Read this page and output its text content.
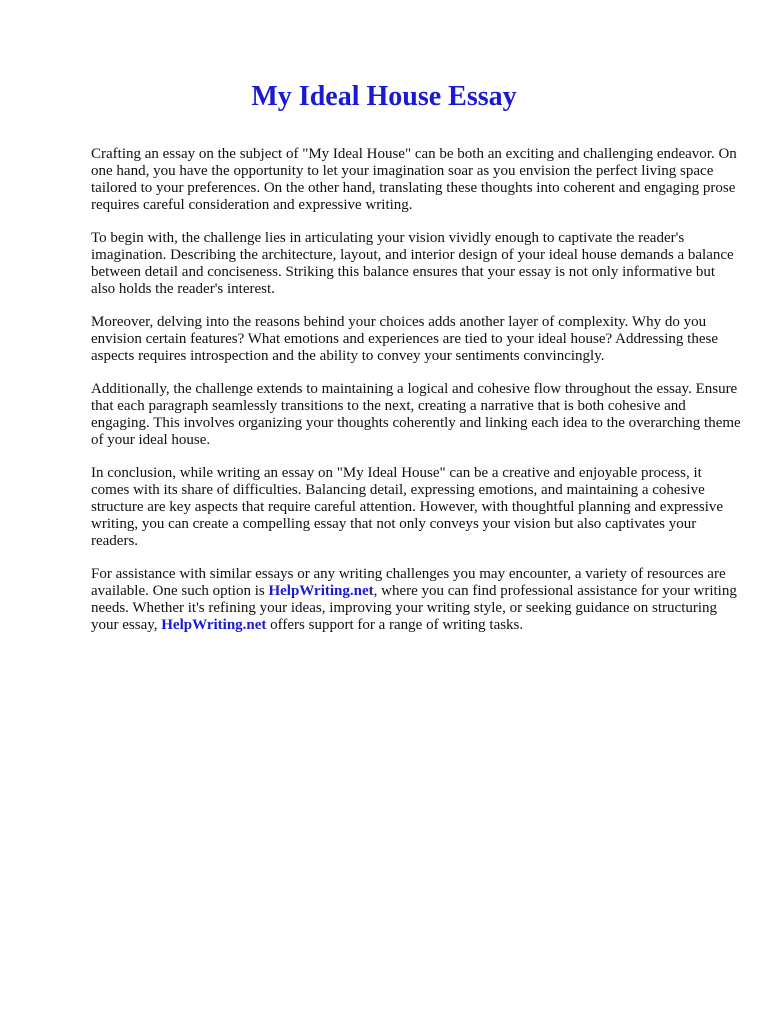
My Ideal House Essay

Crafting an essay on the subject of "My Ideal House" can be both an exciting and challenging endeavor. On one hand, you have the opportunity to let your imagination soar as you envision the perfect living space tailored to your preferences. On the other hand, translating these thoughts into coherent and engaging prose requires careful consideration and expressive writing.

To begin with, the challenge lies in articulating your vision vividly enough to captivate the reader's imagination. Describing the architecture, layout, and interior design of your ideal house demands a balance between detail and conciseness. Striking this balance ensures that your essay is not only informative but also holds the reader's interest.

Moreover, delving into the reasons behind your choices adds another layer of complexity. Why do you envision certain features? What emotions and experiences are tied to your ideal house? Addressing these aspects requires introspection and the ability to convey your sentiments convincingly.

Additionally, the challenge extends to maintaining a logical and cohesive flow throughout the essay. Ensure that each paragraph seamlessly transitions to the next, creating a narrative that is both cohesive and engaging. This involves organizing your thoughts coherently and linking each idea to the overarching theme of your ideal house.

In conclusion, while writing an essay on "My Ideal House" can be a creative and enjoyable process, it comes with its share of difficulties. Balancing detail, expressing emotions, and maintaining a cohesive structure are key aspects that require careful attention. However, with thoughtful planning and expressive writing, you can create a compelling essay that not only conveys your vision but also captivates your readers.

For assistance with similar essays or any writing challenges you may encounter, a variety of resources are available. One such option is HelpWriting.net, where you can find professional assistance for your writing needs. Whether it's refining your ideas, improving your writing style, or seeking guidance on structuring your essay, HelpWriting.net offers support for a range of writing tasks.
